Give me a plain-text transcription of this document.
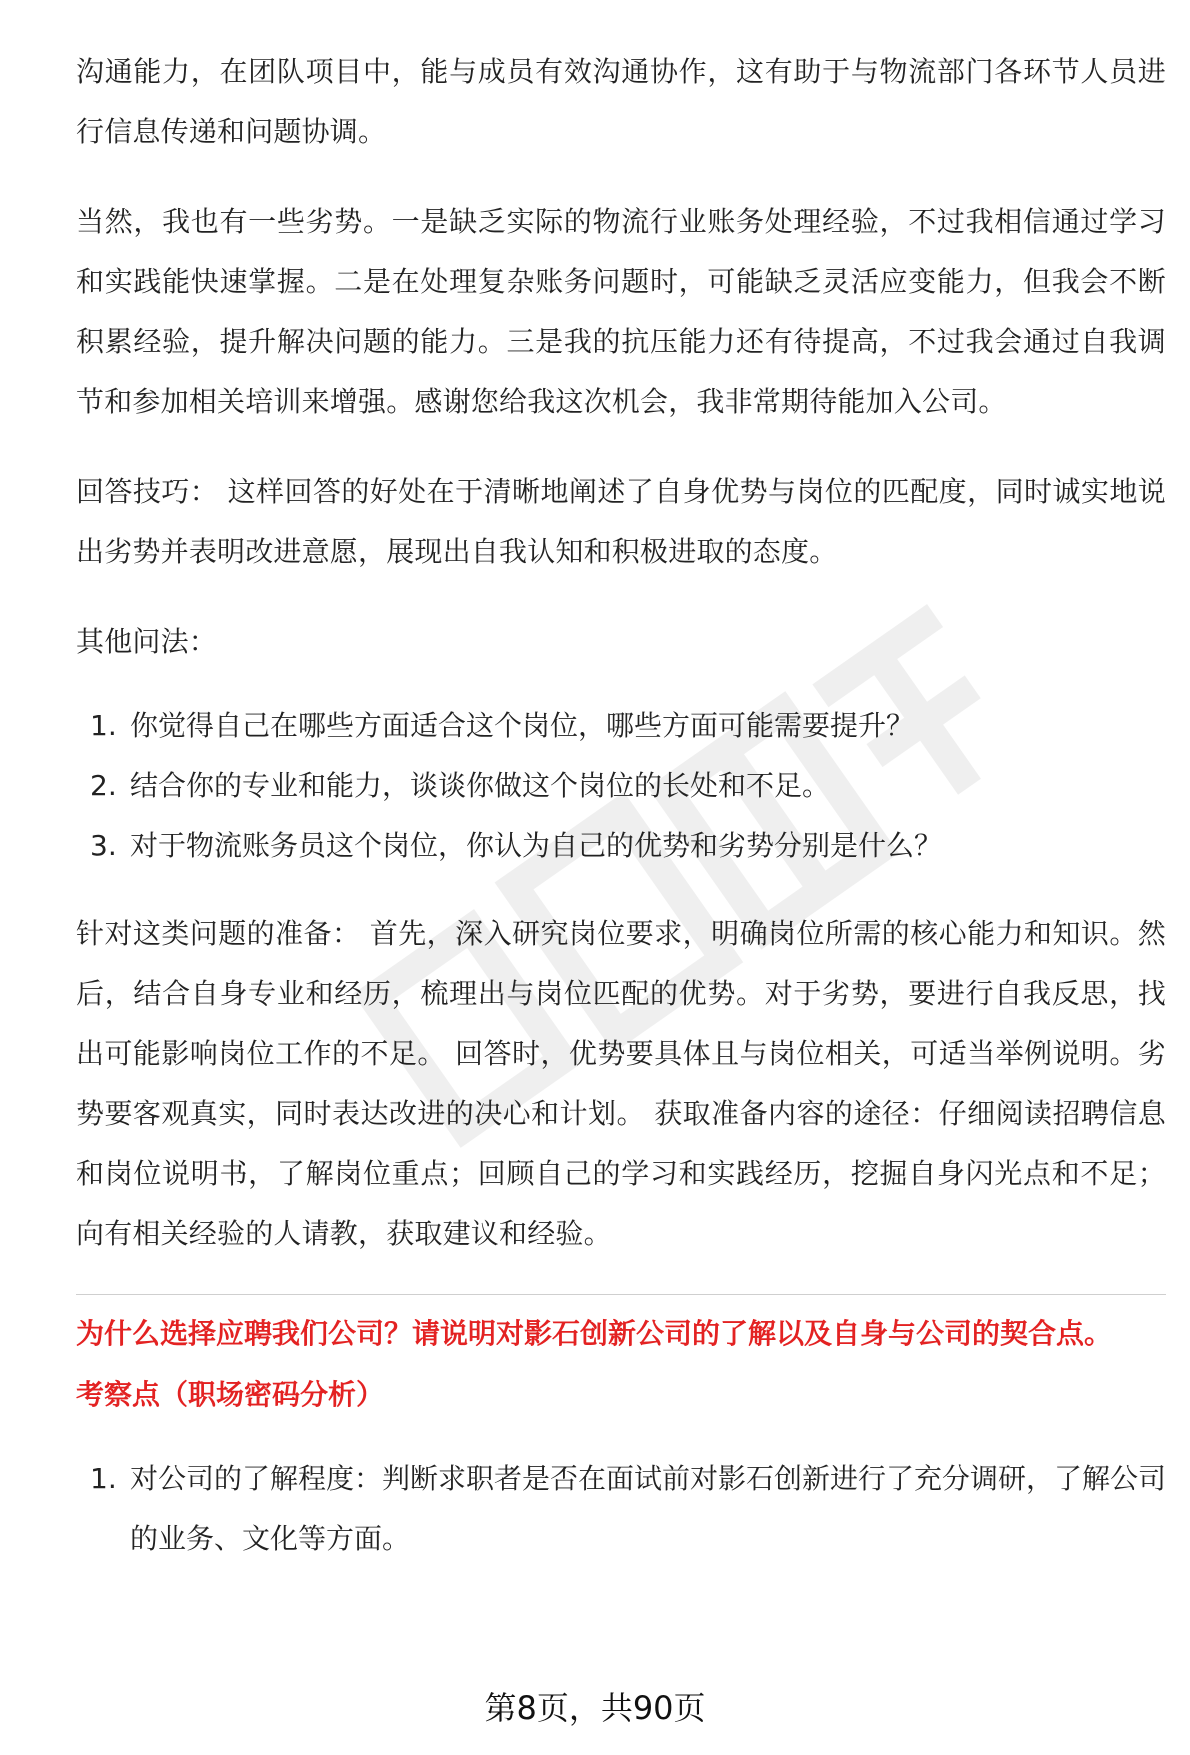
沟通能力，在团队项目中，能与成员有效沟通协作，这有助于与物流部门各环节人员进行信息传递和问题协调。

当然，我也有一些劣势。一是缺乏实际的物流行业账务处理经验，不过我相信通过学习和实践能快速掌握。二是在处理复杂账务问题时，可能缺乏灵活应变能力，但我会不断积累经验，提升解决问题的能力。三是我的抗压能力还有待提高，不过我会通过自我调节和参加相关培训来增强。感谢您给我这次机会，我非常期待能加入公司。

回答技巧： 这样回答的好处在于清晰地阐述了自身优势与岗位的匹配度，同时诚实地说出劣势并表明改进意愿，展现出自我认知和积极进取的态度。

其他问法：

1. 你觉得自己在哪些方面适合这个岗位，哪些方面可能需要提升？
2. 结合你的专业和能力，谈谈你做这个岗位的长处和不足。
3. 对于物流账务员这个岗位，你认为自己的优势和劣势分别是什么？

针对这类问题的准备： 首先，深入研究岗位要求，明确岗位所需的核心能力和知识。然后，结合自身专业和经历，梳理出与岗位匹配的优势。对于劣势，要进行自我反思，找出可能影响岗位工作的不足。 回答时，优势要具体且与岗位相关，可适当举例说明。劣势要客观真实，同时表达改进的决心和计划。 获取准备内容的途径：仔细阅读招聘信息和岗位说明书，了解岗位重点；回顾自己的学习和实践经历，挖掘自身闪光点和不足；向有相关经验的人请教，获取建议和经验。

为什么选择应聘我们公司？请说明对影石创新公司的了解以及自身与公司的契合点。
考察点（职场密码分析）
1. 对公司的了解程度：判断求职者是否在面试前对影石创新进行了充分调研，了解公司的业务、文化等方面。
第8页，共90页
